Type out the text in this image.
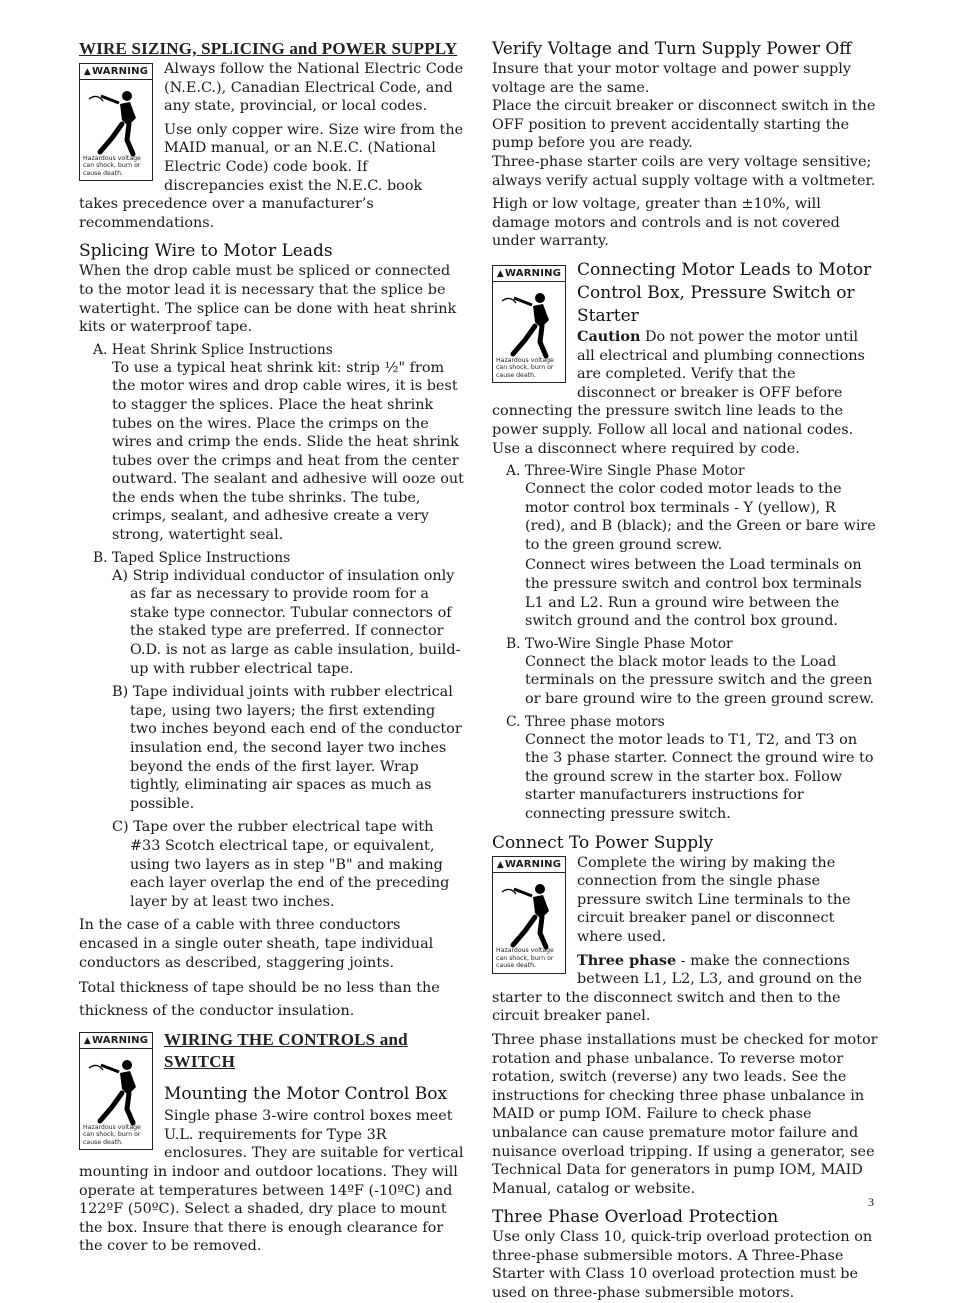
WIRE SIZING, SPLICING and POWER SUPPLY
▲WARNING
Hazardous voltage can shock, burn or cause death.

Always follow the National Electric Code (N.E.C.), Canadian Electrical Code, and any state, provincial, or local codes.

Use only copper wire. Size wire from the MAID manual, or an N.E.C. (National Electric Code) code book. If discrepancies exist the N.E.C. book takes precedence over a manufacturer’s recommendations.

Splicing Wire to Motor Leads

When the drop cable must be spliced or connected to the motor lead it is necessary that the splice be watertight. The splice can be done with heat shrink kits or waterproof tape.

A. Heat Shrink Splice Instructions

To use a typical heat shrink kit: strip ½" from the motor wires and drop cable wires, it is best to stagger the splices. Place the heat shrink tubes on the wires. Place the crimps on the wires and crimp the ends. Slide the heat shrink tubes over the crimps and heat from the center outward. The sealant and adhesive will ooze out the ends when the tube shrinks. The tube, crimps, sealant, and adhesive create a very strong, watertight seal.

B. Taped Splice Instructions

A) Strip individual conductor of insulation only as far as necessary to provide room for a stake type connector. Tubular connectors of the staked type are preferred. If connector O.D. is not as large as cable insulation, build-up with rubber electrical tape.

B) Tape individual joints with rubber electrical tape, using two layers; the first extending two inches beyond each end of the conductor insulation end, the second layer two inches beyond the ends of the first layer. Wrap tightly, eliminating air spaces as much as possible.

C) Tape over the rubber electrical tape with #33 Scotch electrical tape, or equivalent, using two layers as in step "B" and making each layer overlap the end of the preceding layer by at least two inches.

In the case of a cable with three conductors encased in a single outer sheath, tape individual conductors as described, staggering joints.

Total thickness of tape should be no less than the thickness of the conductor insulation.

▲WARNING
Hazardous voltage can shock, burn or cause death.
WIRING THE CONTROLS and SWITCH
Mounting the Motor Control Box

Single phase 3-wire control boxes meet U.L. requirements for Type 3R enclosures. They are suitable for vertical mounting in indoor and outdoor locations. They will operate at temperatures between 14ºF (-10ºC) and 122ºF (50ºC). Select a shaded, dry place to mount the box. Insure that there is enough clearance for the cover to be removed.

Verify Voltage and Turn Supply Power Off

Insure that your motor voltage and power supply voltage are the same.

Place the circuit breaker or disconnect switch in the OFF position to prevent accidentally starting the pump before you are ready.

Three-phase starter coils are very voltage sensitive; always verify actual supply voltage with a voltmeter.

High or low voltage, greater than ±10%, will damage motors and controls and is not covered under warranty.

▲WARNING
Hazardous voltage can shock, burn or cause death.
Connecting Motor Leads to Motor Control Box, Pressure Switch or Starter

Caution Do not power the motor until all electrical and plumbing connections are completed. Verify that the disconnect or breaker is OFF before connecting the pressure switch line leads to the power supply. Follow all local and national codes. Use a disconnect where required by code.

A. Three-Wire Single Phase Motor

Connect the color coded motor leads to the motor control box terminals - Y (yellow), R (red), and B (black); and the Green or bare wire to the green ground screw.

Connect wires between the Load terminals on the pressure switch and control box terminals L1 and L2. Run a ground wire between the switch ground and the control box ground.

B. Two-Wire Single Phase Motor

Connect the black motor leads to the Load terminals on the pressure switch and the green or bare ground wire to the green ground screw.

C. Three phase motors

Connect the motor leads to T1, T2, and T3 on the 3 phase starter. Connect the ground wire to the ground screw in the starter box. Follow starter manufacturers instructions for connecting pressure switch.

Connect To Power Supply
▲WARNING
Hazardous voltage can shock, burn or cause death.

Complete the wiring by making the connection from the single phase pressure switch Line terminals to the circuit breaker panel or disconnect where used.

Three phase - make the connections between L1, L2, L3, and ground on the starter to the disconnect switch and then to the circuit breaker panel.

Three phase installations must be checked for motor rotation and phase unbalance. To reverse motor rotation, switch (reverse) any two leads. See the instructions for checking three phase unbalance in MAID or pump IOM. Failure to check phase unbalance can cause premature motor failure and nuisance overload tripping. If using a generator, see Technical Data for generators in pump IOM, MAID Manual, catalog or website.

Three Phase Overload Protection

Use only Class 10, quick-trip overload protection on three-phase submersible motors. A Three-Phase Starter with Class 10 overload protection must be used on three-phase submersible motors.

3
